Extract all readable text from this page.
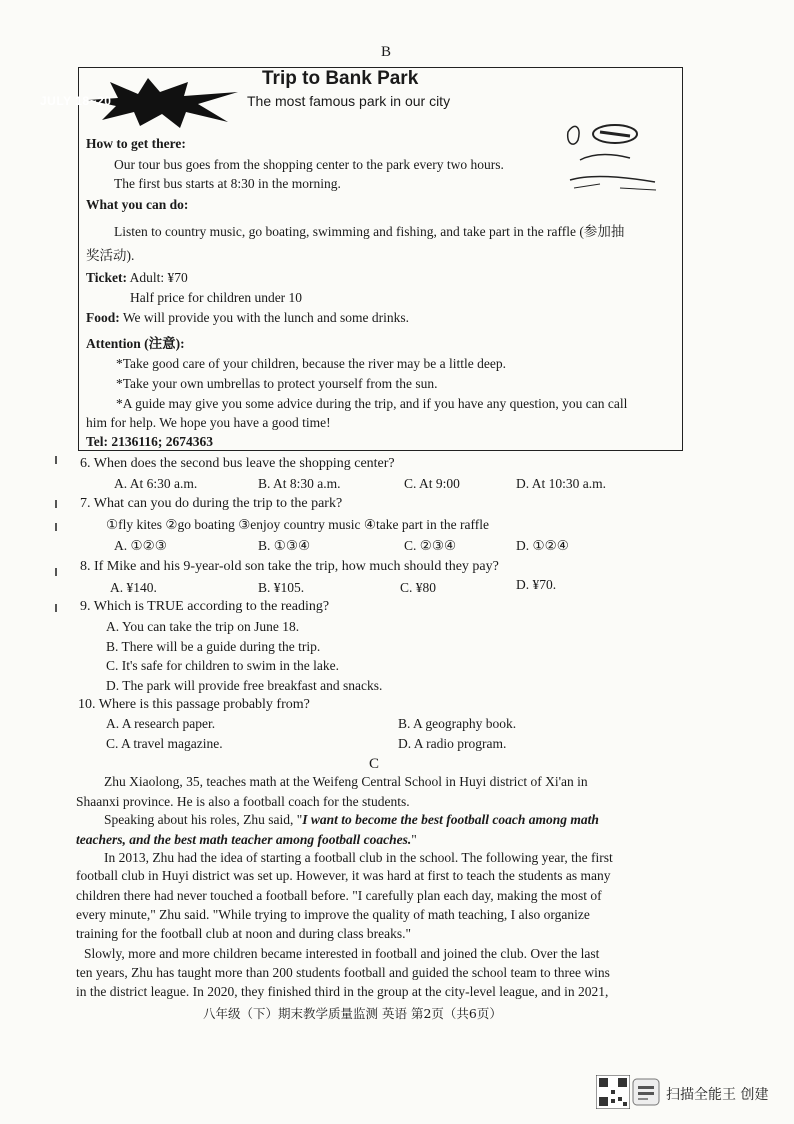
B
JULY 18~20
Trip to Bank Park
The most famous park in our city
How to get there:
Our tour bus goes from the shopping center to the park every two hours.
The first bus starts at 8:30 in the morning.
What you can do:
Listen to country music, go boating, swimming and fishing, and take part in the raffle (参加抽
奖活动).
Ticket: Adult: ¥70
Half price for children under 10
Food: We will provide you with the lunch and some drinks.
Attention (注意):
*Take good care of your children, because the river may be a little deep.
*Take your own umbrellas to protect yourself from the sun.
*A guide may give you some advice during the trip, and if you have any question, you can call
him for help. We hope you have a good time!
Tel: 2136116; 2674363
6. When does the second bus leave the shopping center?
A. At 6:30 a.m.	B. At 8:30 a.m.	C. At 9:00	D. At 10:30 a.m.
7. What can you do during the trip to the park?
①fly kites ②go boating ③enjoy country music ④take part in the raffle
A. ①②③	B. ①③④	C. ②③④	D. ①②④
8. If Mike and his 9-year-old son take the trip, how much should they pay?
A. ¥140.	B. ¥105.	C. ¥80	D. ¥70.
9. Which is TRUE according to the reading?
A. You can take the trip on June 18.
B. There will be a guide during the trip.
C. It's safe for children to swim in the lake.
D. The park will provide free breakfast and snacks.
10. Where is this passage probably from?
A. A research paper.	B. A geography book.
C. A travel magazine.	D. A radio program.
C
Zhu Xiaolong, 35, teaches math at the Weifeng Central School in Huyi district of Xi'an in
Shaanxi province. He is also a football coach for the students.
Speaking about his roles, Zhu said, "I want to become the best football coach among math
teachers, and the best math teacher among football coaches."
In 2013, Zhu had the idea of starting a football club in the school. The following year, the first
football club in Huyi district was set up. However, it was hard at first to teach the students as many
children there had never touched a football before. "I carefully plan each day, making the most of
every minute," Zhu said. "While trying to improve the quality of math teaching, I also organize
training for the football club at noon and during class breaks."
Slowly, more and more children became interested in football and joined the club. Over the last
ten years, Zhu has taught more than 200 students football and guided the school team to three wins
in the district league. In 2020, they finished third in the group at the city-level league, and in 2021,
八年级（下）期末教学质量监测 英语 第2页（共6页）
扫描全能王 创建
